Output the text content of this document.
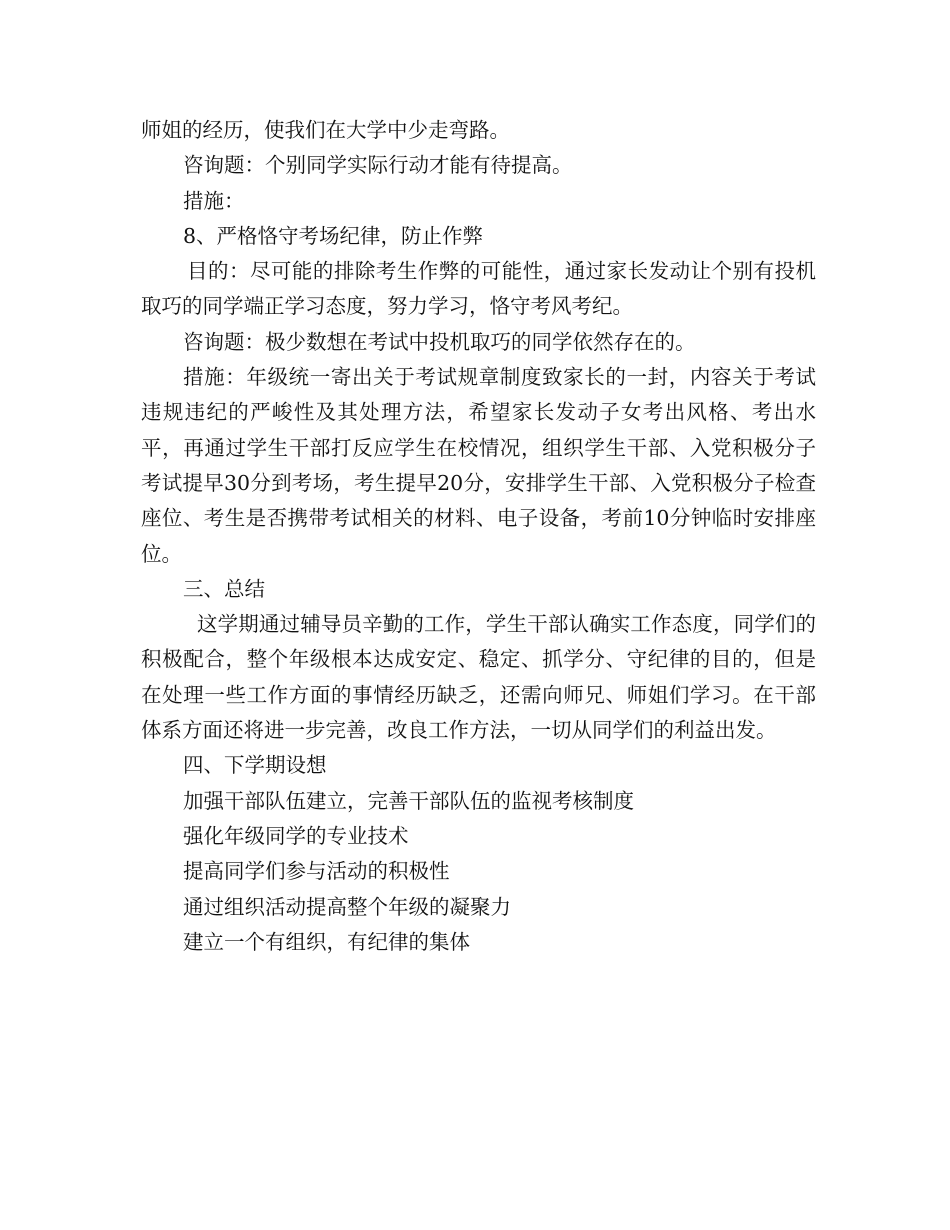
师姐的经历，使我们在大学中少走弯路。

咨询题：个别同学实际行动才能有待提高。

措施：

8、严格恪守考场纪律，防止作弊

目的：尽可能的排除考生作弊的可能性，通过家长发动让个别有投机取巧的同学端正学习态度，努力学习，恪守考风考纪。

咨询题：极少数想在考试中投机取巧的同学依然存在的。

措施：年级统一寄出关于考试规章制度致家长的一封，内容关于考试违规违纪的严峻性及其处理方法，希望家长发动子女考出风格、考出水平，再通过学生干部打反应学生在校情况，组织学生干部、入党积极分子考试提早30分到考场，考生提早20分，安排学生干部、入党积极分子检查座位、考生是否携带考试相关的材料、电子设备，考前10分钟临时安排座位。

三、总结

这学期通过辅导员辛勤的工作，学生干部认确实工作态度，同学们的积极配合，整个年级根本达成安定、稳定、抓学分、守纪律的目的，但是在处理一些工作方面的事情经历缺乏，还需向师兄、师姐们学习。在干部体系方面还将进一步完善，改良工作方法，一切从同学们的利益出发。

四、下学期设想

加强干部队伍建立，完善干部队伍的监视考核制度

强化年级同学的专业技术

提高同学们参与活动的积极性

通过组织活动提高整个年级的凝聚力

建立一个有组织，有纪律的集体
